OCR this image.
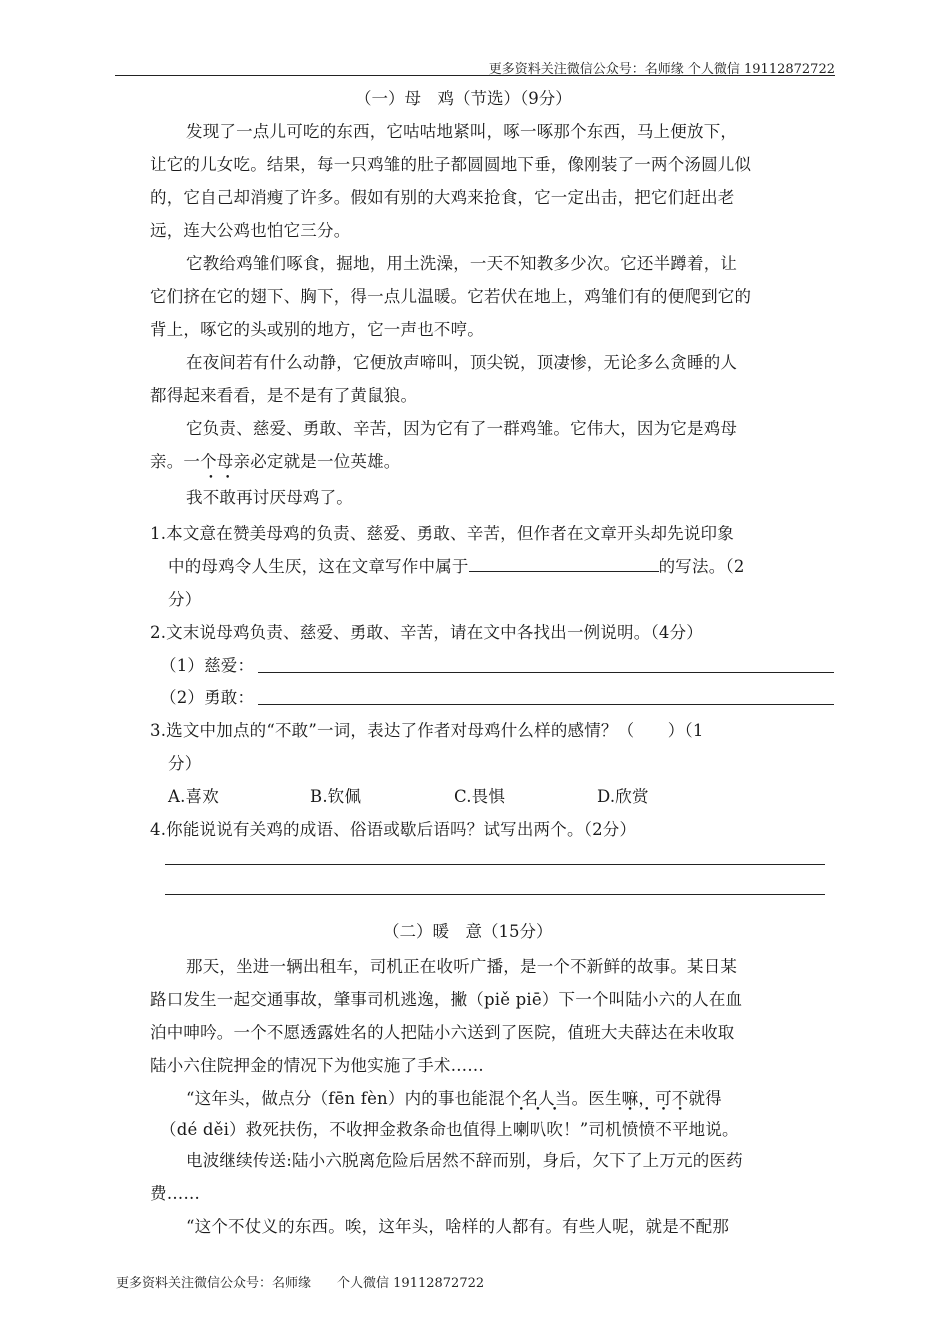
更多资料关注微信公众号：名师缘 个人微信 19112872722
（一）母　鸡（节选）（9分）
发现了一点儿可吃的东西，它咕咕地紧叫，啄一啄那个东西，马上便放下，
让它的儿女吃。结果，每一只鸡雏的肚子都圆圆地下垂，像刚装了一两个汤圆儿似
的，它自己却消瘦了许多。假如有别的大鸡来抢食，它一定出击，把它们赶出老
远，连大公鸡也怕它三分。
它教给鸡雏们啄食，掘地，用土洗澡，一天不知教多少次。它还半蹲着，让
它们挤在它的翅下、胸下，得一点儿温暖。它若伏在地上，鸡雏们有的便爬到它的
背上，啄它的头或别的地方，它一声也不哼。
在夜间若有什么动静，它便放声啼叫，顶尖锐，顶凄惨，无论多么贪睡的人
都得起来看看，是不是有了黄鼠狼。
它负责、慈爱、勇敢、辛苦，因为它有了一群鸡雏。它伟大，因为它是鸡母
亲。一个母亲必定就是一位英雄。
我不敢再讨厌母鸡了。
1.本文意在赞美母鸡的负责、慈爱、勇敢、辛苦，但作者在文章开头却先说印象
中的母鸡令人生厌，这在文章写作中属于	的写法。（2
分）
2.文末说母鸡负责、慈爱、勇敢、辛苦，请在文中各找出一例说明。（4分）
（1）慈爱：
（2）勇敢：
3.选文中加点的“不敢”一词，表达了作者对母鸡什么样的感情？（　　）（1
分）
A.喜欢	B.钦佩	C.畏惧	D.欣赏
4.你能说说有关鸡的成语、俗语或歇后语吗？试写出两个。（2分）
（二）暖　意（15分）
那天，坐进一辆出租车，司机正在收听广播，是一个不新鲜的故事。某日某
路口发生一起交通事故，肇事司机逃逸，撇（piě piē）下一个叫陆小六的人在血
泊中呻吟。一个不愿透露姓名的人把陆小六送到了医院，值班大夫薛达在未收取
陆小六住院押金的情况下为他实施了手术……
“这年头，做点分（fēn fèn）内的事也能混个名人当。医生嘛，可不就得
（dé děi）救死扶伤，不收押金救条命也值得上喇叭吹！”司机愤愤不平地说。
电波继续传送:陆小六脱离危险后居然不辞而别，身后，欠下了上万元的医药
费……
“这个不仗义的东西。唉，这年头，啥样的人都有。有些人呢，就是不配那
更多资料关注微信公众号：名师缘 个人微信 19112872722
